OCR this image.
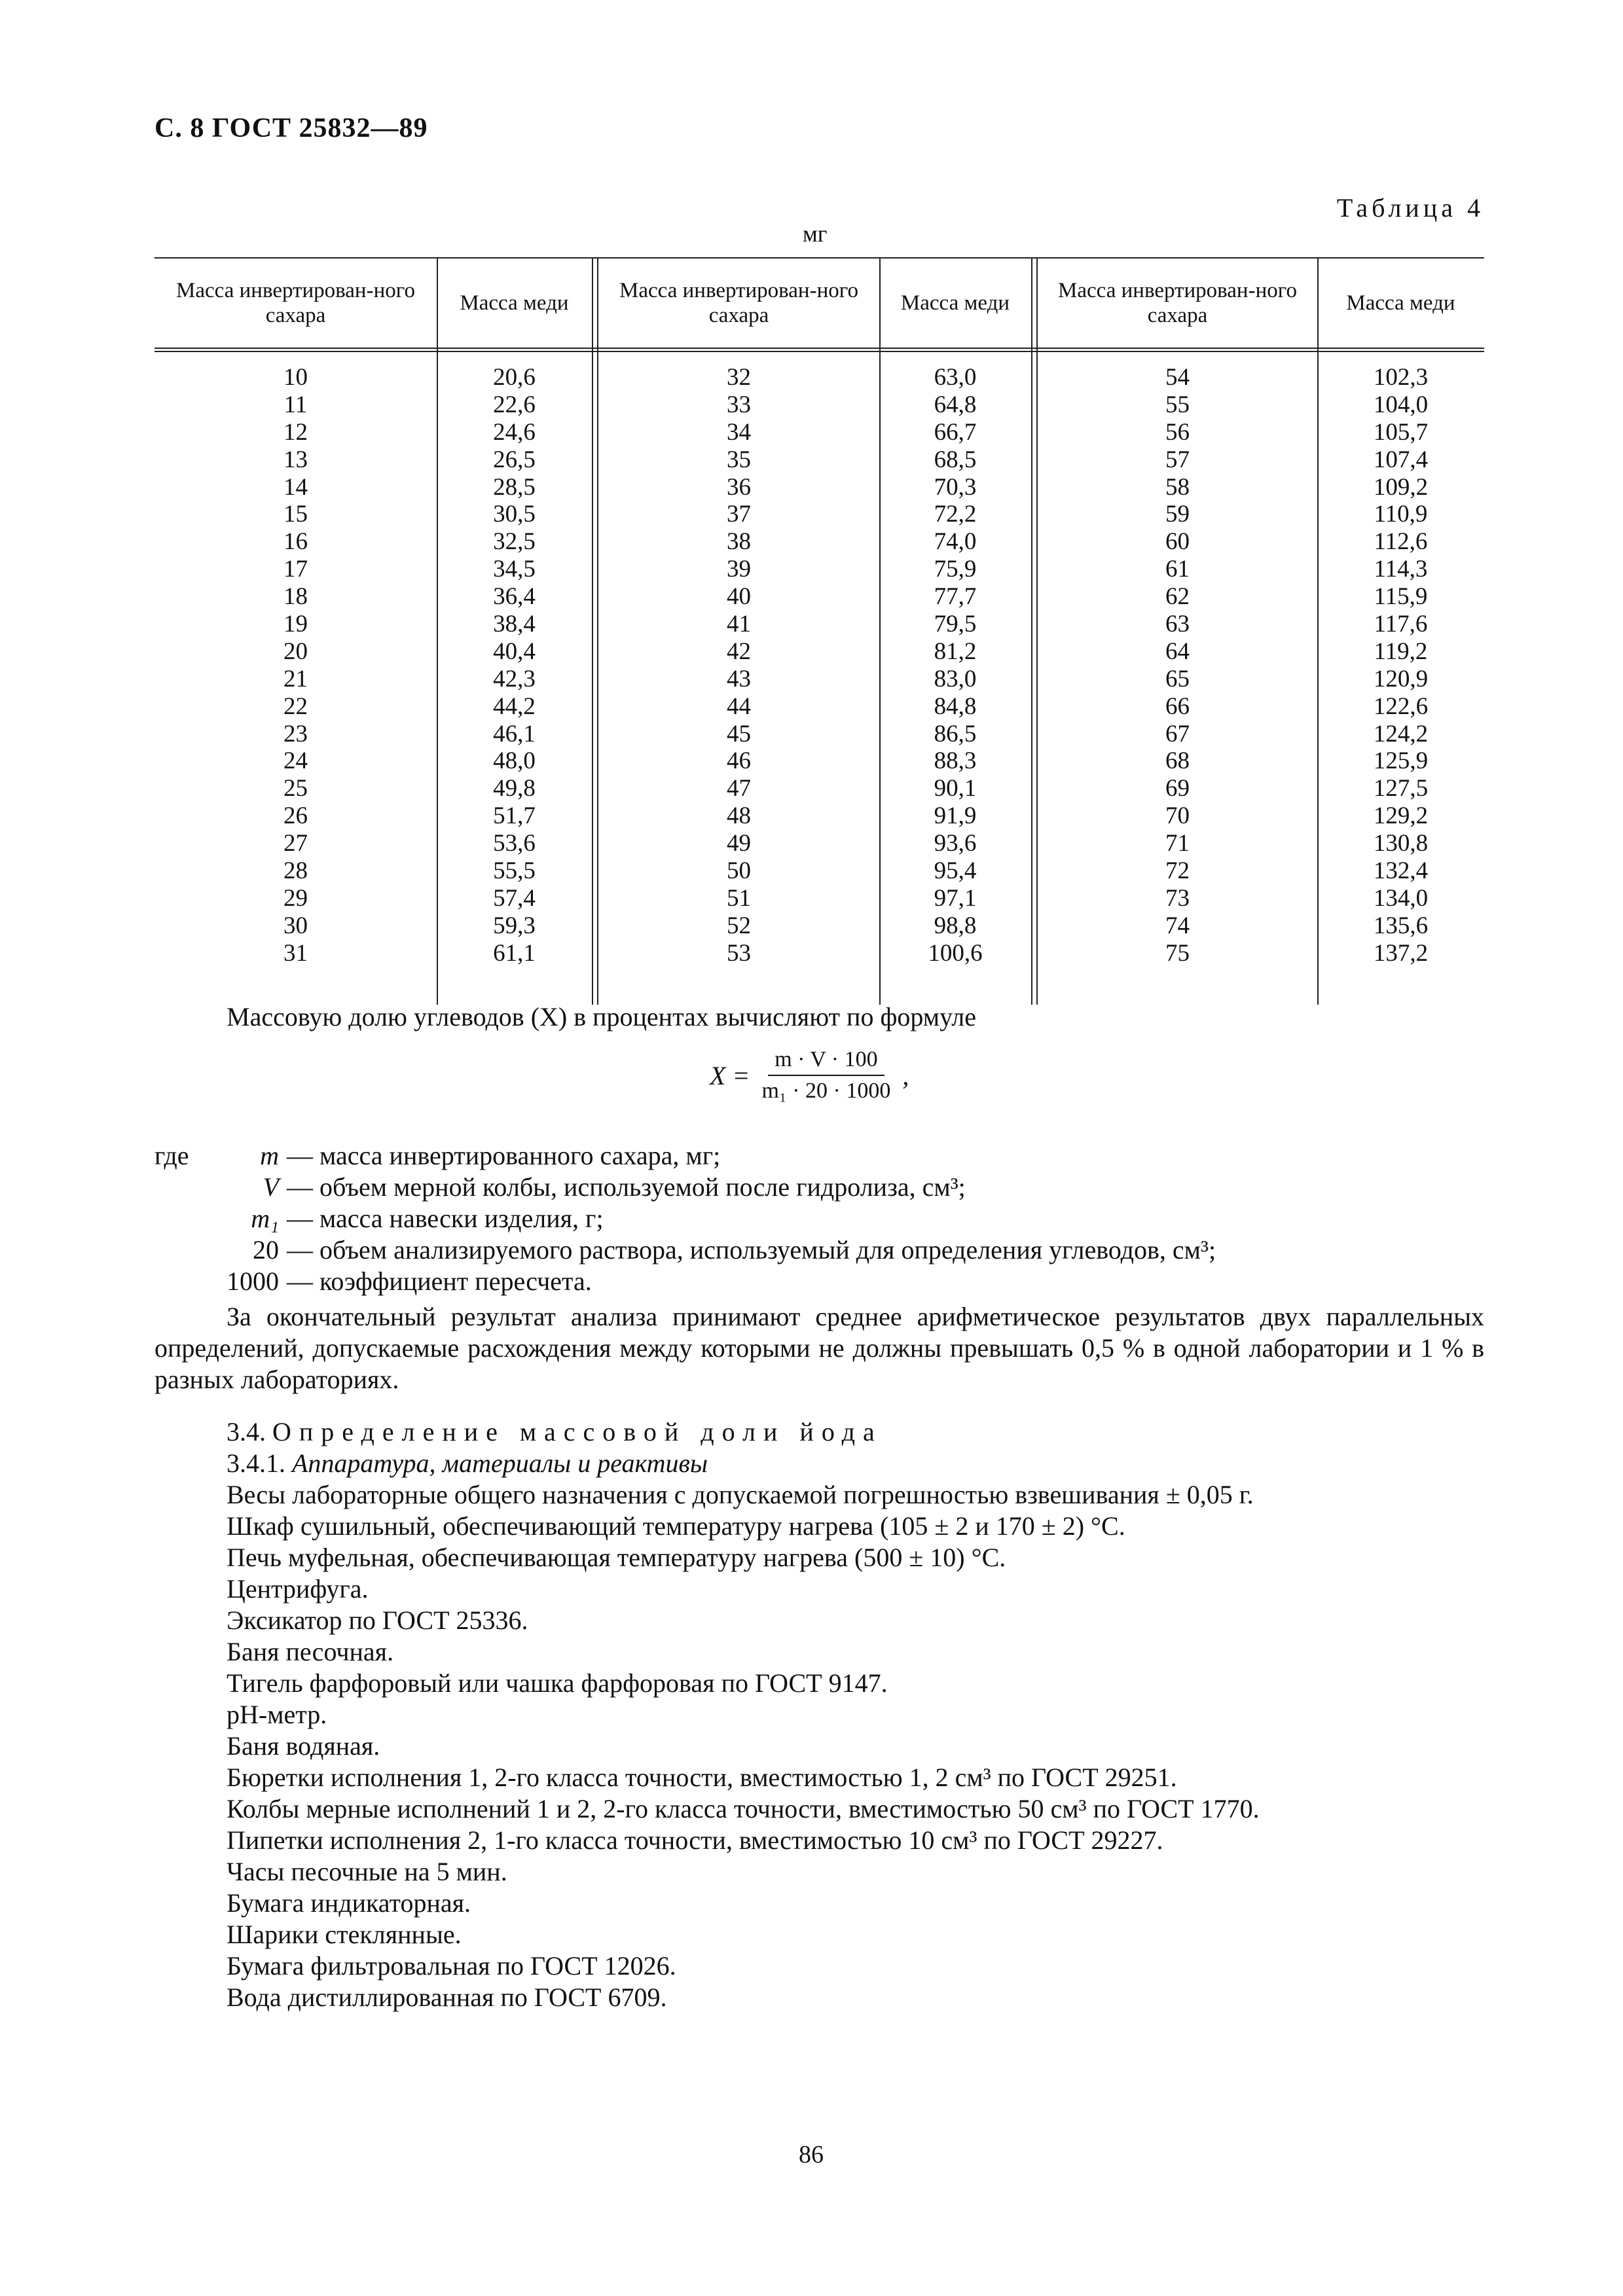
С. 8 ГОСТ 25832—89
Таблица 4
мг
Масса инвертирован-ного сахара
Масса меди
Масса инвертирован-ного сахара
Масса меди
Масса инвертирован-ного сахара
Масса меди
10
11
12
13
14
15
16
17
18
19
20
21
22
23
24
25
26
27
28
29
30
31
20,6
22,6
24,6
26,5
28,5
30,5
32,5
34,5
36,4
38,4
40,4
42,3
44,2
46,1
48,0
49,8
51,7
53,6
55,5
57,4
59,3
61,1
32
33
34
35
36
37
38
39
40
41
42
43
44
45
46
47
48
49
50
51
52
53
63,0
64,8
66,7
68,5
70,3
72,2
74,0
75,9
77,7
79,5
81,2
83,0
84,8
86,5
88,3
90,1
91,9
93,6
95,4
97,1
98,8
100,6
54
55
56
57
58
59
60
61
62
63
64
65
66
67
68
69
70
71
72
73
74
75
102,3
104,0
105,7
107,4
109,2
110,9
112,6
114,3
115,9
117,6
119,2
120,9
122,6
124,2
125,9
127,5
129,2
130,8
132,4
134,0
135,6
137,2
Массовую долю углеводов (X) в процентах вычисляют по формуле
$X = \frac{m \cdot V \cdot 100}{\text{m₁ · 20 · 1000}}$ ,
где	m — масса инвертированного сахара, мг;
V — объем мерной колбы, используемой после гидролиза, см³;
m₁ — масса навески изделия, г;
20 — объем анализируемого раствора, используемый для определения углеводов, см³;
1000 — коэффициент пересчета.
За окончательный результат анализа принимают среднее арифметическое результатов двух параллельных определений, допускаемые расхождения между которыми не должны превышать 0,5 % в одной лаборатории и 1 % в разных лабораториях.
3.4. Определение массовой доли йода
3.4.1. Аппаратура, материалы и реактивы
Весы лабораторные общего назначения с допускаемой погрешностью взвешивания ± 0,05 г.
Шкаф сушильный, обеспечивающий температуру нагрева (105 ± 2 и 170 ± 2) °С.
Печь муфельная, обеспечивающая температуру нагрева (500 ± 10) °С.
Центрифуга.
Эксикатор по ГОСТ 25336.
Баня песочная.
Тигель фарфоровый или чашка фарфоровая по ГОСТ 9147.
pH-метр.
Баня водяная.
Бюретки исполнения 1, 2-го класса точности, вместимостью 1, 2 см³ по ГОСТ 29251.
Колбы мерные исполнений 1 и 2, 2-го класса точности, вместимостью 50 см³ по ГОСТ 1770.
Пипетки исполнения 2, 1-го класса точности, вместимостью 10 см³ по ГОСТ 29227.
Часы песочные на 5 мин.
Бумага индикаторная.
Шарики стеклянные.
Бумага фильтровальная по ГОСТ 12026.
Вода дистиллированная по ГОСТ 6709.
86
